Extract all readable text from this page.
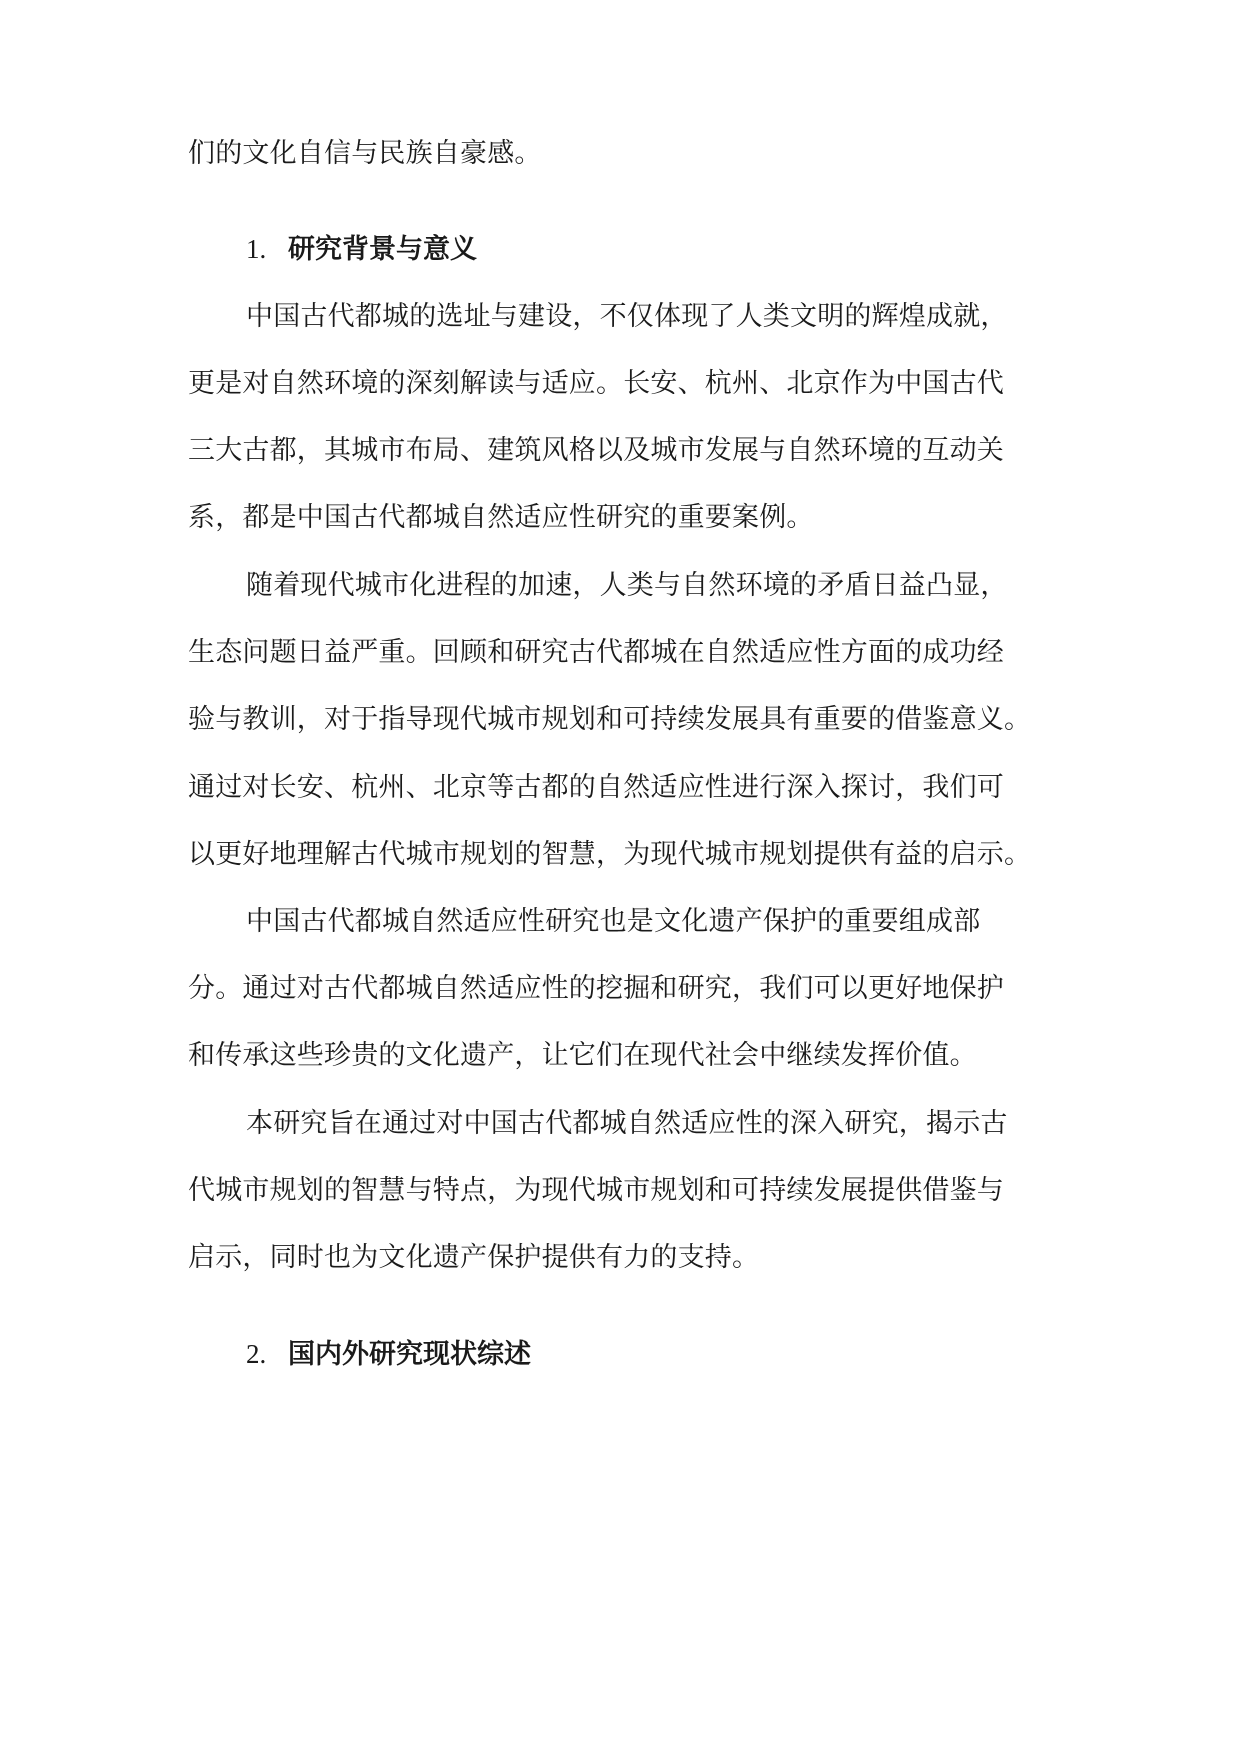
们的文化自信与民族自豪感。
1. 研究背景与意义
中国古代都城的选址与建设，不仅体现了人类文明的辉煌成就，
更是对自然环境的深刻解读与适应。长安、杭州、北京作为中国古代
三大古都，其城市布局、建筑风格以及城市发展与自然环境的互动关
系，都是中国古代都城自然适应性研究的重要案例。
随着现代城市化进程的加速，人类与自然环境的矛盾日益凸显，
生态问题日益严重。回顾和研究古代都城在自然适应性方面的成功经
验与教训，对于指导现代城市规划和可持续发展具有重要的借鉴意义。
通过对长安、杭州、北京等古都的自然适应性进行深入探讨，我们可
以更好地理解古代城市规划的智慧，为现代城市规划提供有益的启示。
中国古代都城自然适应性研究也是文化遗产保护的重要组成部
分。通过对古代都城自然适应性的挖掘和研究，我们可以更好地保护
和传承这些珍贵的文化遗产，让它们在现代社会中继续发挥价值。
本研究旨在通过对中国古代都城自然适应性的深入研究，揭示古
代城市规划的智慧与特点，为现代城市规划和可持续发展提供借鉴与
启示，同时也为文化遗产保护提供有力的支持。
2. 国内外研究现状综述
